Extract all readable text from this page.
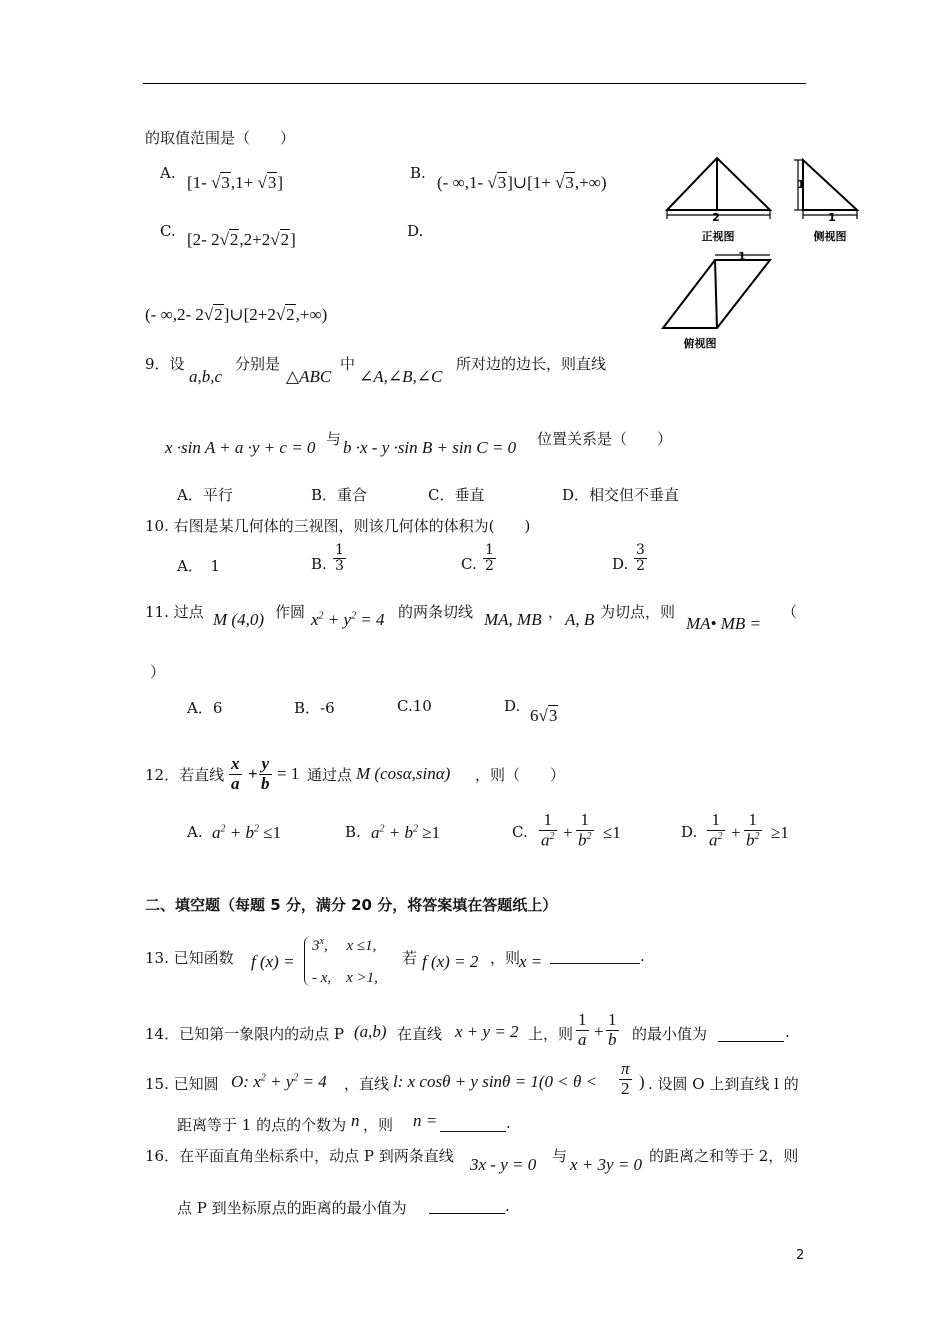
的取值范围是（　　）
A. [1- √3,1+ √3]	B. (- ∞,1- √3]∪[1+ √3,+∞)
C. [2- 2√2,2+2√2]	D.
(- ∞,2- 2√2]∪[2+2√2,+∞)
2
1
1
1
正视图	侧视图
俯视图
9．设
a,b,c
分别是
△ABC
中
∠A,∠B,∠C
所对边的边长，则直线
x ·sin A + a ·y + c = 0 与 b ·x - y ·sin B + sin C = 0 位置关系是（　　）
A．平行	B．重合	C．垂直	D．相交但不垂直
10. 右图是某几何体的三视图，则该几何体的体积为(　　)
A．　1	B. $\frac{1}{3}$	C. $\frac{1}{2}$	D. $\frac{3}{2}$
11. 过点 M (4,0) 作圆 $x^2 + y^2 = 4$ 的两条切线 MA, MB ， A, B 为切点，则
MA• MB =
（
）
A．6	B．-6	C.10	D. 6√3
12．若直线 $\frac{x}{a} + \frac{y}{b} = 1$ 通过点 M (cosα,sinα) ，则（　　）
A. $a^2 + b^2 \le 1$	B. $a^2 + b^2 \ge 1$	C. $\frac{1}{a^2} + \frac{1}{b^2} \le 1$	D. $\frac{1}{a^2} + \frac{1}{b^2} \ge 1$
二、填空题（每题 5 分，满分 20 分，将答案填在答题纸上）
13. 已知函数 f (x) =
$3^x$,　 x ≤1,
- x,　x >1,
若 f (x) = 2 ，则
x =	.
14．已知第一象限内的动点 P (a,b) 在直线 x + y = 2 上，则 $\frac{1}{a} + \frac{1}{b}$ 的最小值为	.
15. 已知圆 O: $x^2 + y^2 = 4$ ，直线 l: x cosθ + y $\sin\theta = 1(0 < \theta < \frac{\pi}{2}$ ) . 设圆 O 上到直线 l 的
距离等于 1 的点的个数为 n ，则 n =	.
16．在平面直角坐标系中，动点 P 到两条直线 3x - y = 0 与 x + 3y = 0 的距离之和等于 2，则
点 P 到坐标原点的距离的最小值为	.
2
